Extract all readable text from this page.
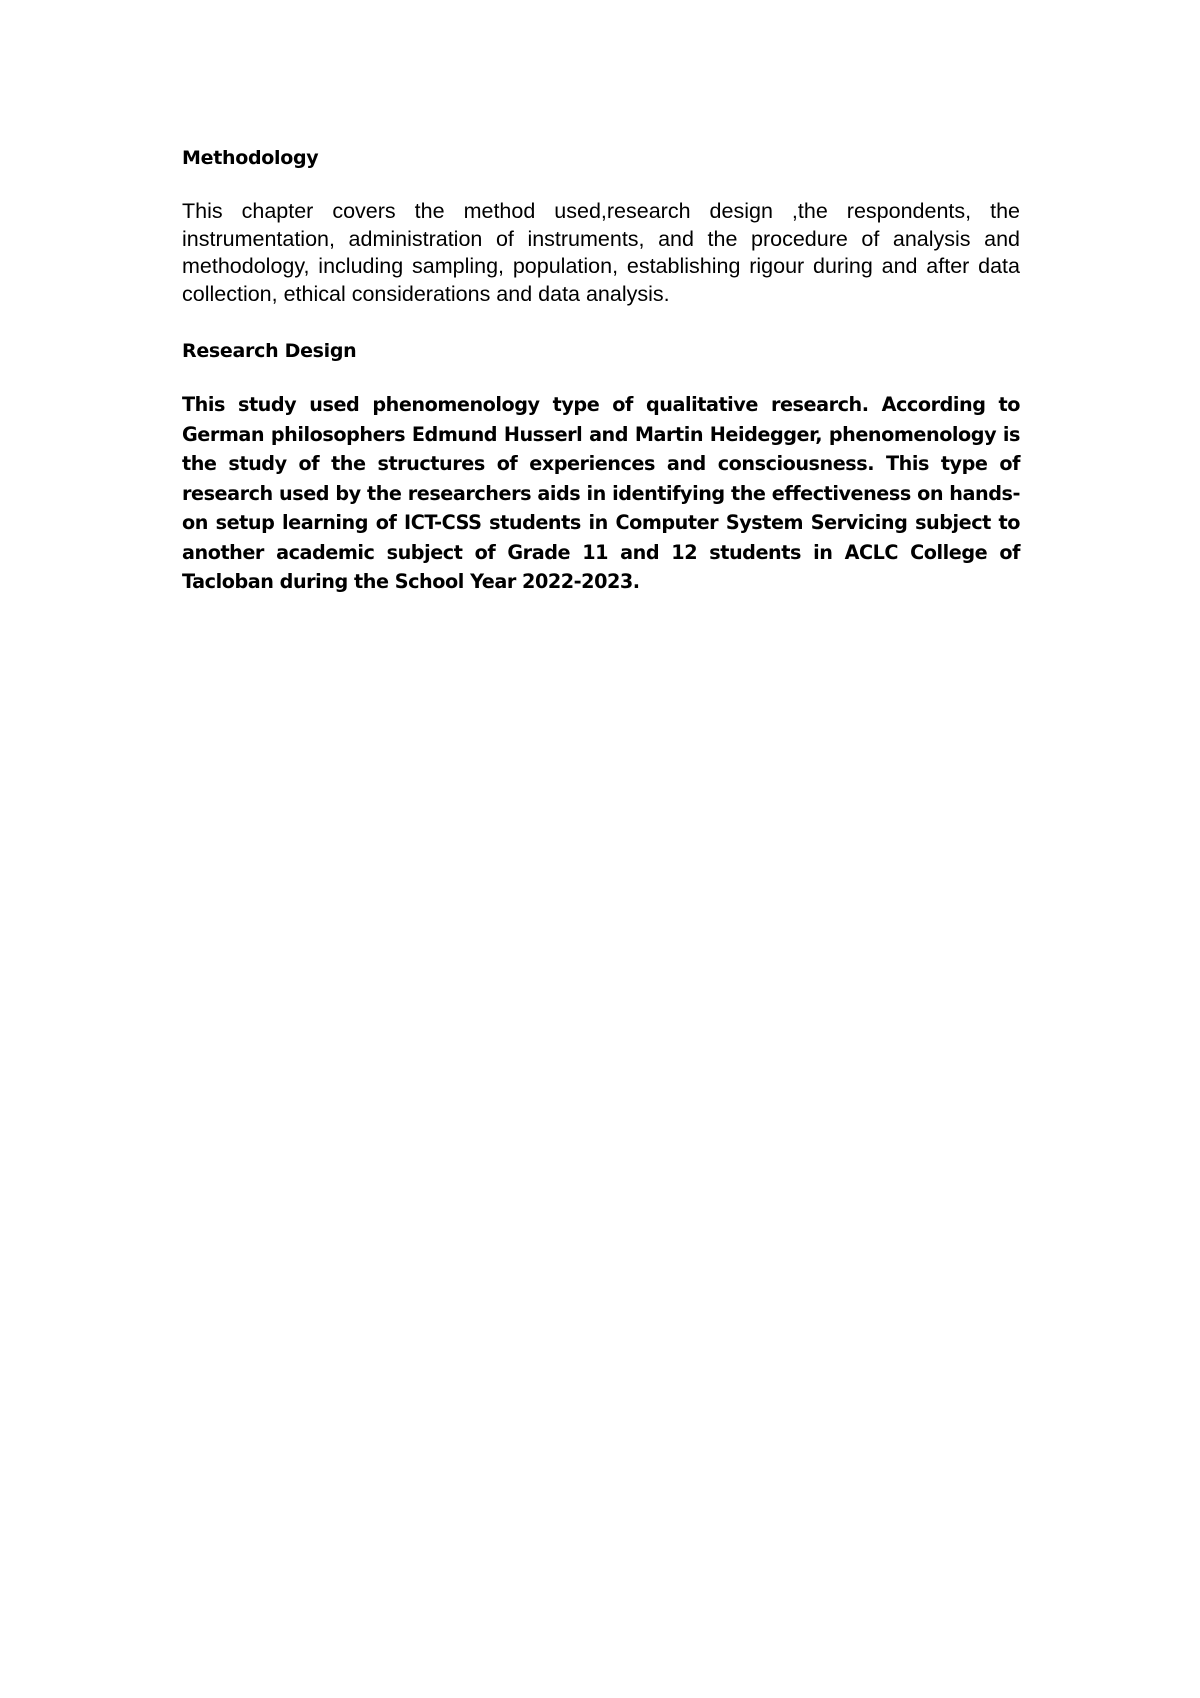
Methodology

This chapter covers the method used,research design ,the respondents, the instrumentation, administration of instruments, and the procedure of analysis and methodology, including sampling, population, establishing rigour during and after data collection, ethical considerations and data analysis.

Research Design

This study used phenomenology type of qualitative research. According to German philosophers Edmund Husserl and Martin Heidegger, phenomenology is the study of the structures of experiences and consciousness. This type of research used by the researchers aids in identifying the effectiveness on hands-on setup learning of ICT-CSS students in Computer System Servicing subject to another academic subject of Grade 11 and 12 students in ACLC College of Tacloban during the School Year 2022-2023.
